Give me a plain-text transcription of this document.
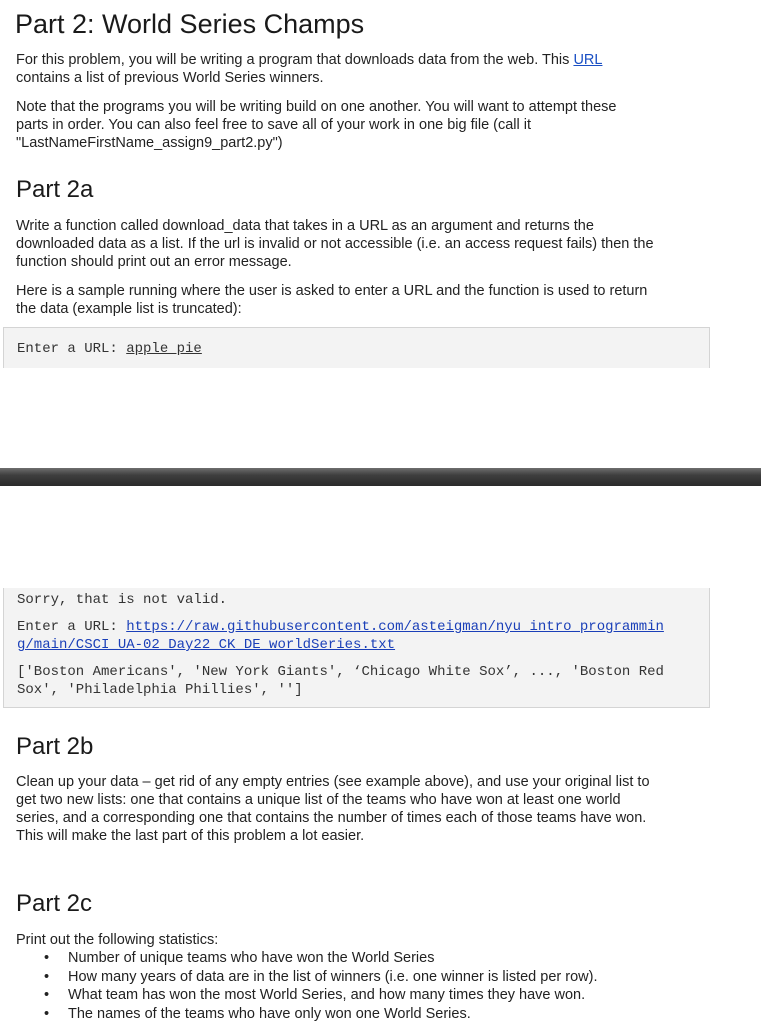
Part 2: World Series Champs
For this problem, you will be writing a program that downloads data from the web. This URL
contains a list of previous World Series winners.
Note that the programs you will be writing build on one another. You will want to attempt these
parts in order. You can also feel free to save all of your work in one big file (call it
"LastNameFirstName_assign9_part2.py")
Part 2a
Write a function called download_data that takes in a URL as an argument and returns the
downloaded data as a list. If the url is invalid or not accessible (i.e. an access request fails) then the
function should print out an error message.
Here is a sample running where the user is asked to enter a URL and the function is used to return
the data (example list is truncated):
Enter a URL: apple pie
Sorry, that is not valid.
Enter a URL: https://raw.githubusercontent.com/asteigman/nyu_intro_programmin
g/main/CSCI_UA-02_Day22_CK_DE_worldSeries.txt
['Boston Americans', 'New York Giants', ‘Chicago White Sox’, ..., 'Boston Red
Sox', 'Philadelphia Phillies', '']
Part 2b
Clean up your data – get rid of any empty entries (see example above), and use your original list to
get two new lists: one that contains a unique list of the teams who have won at least one world
series, and a corresponding one that contains the number of times each of those teams have won.
This will make the last part of this problem a lot easier.
Part 2c
Print out the following statistics:
• Number of unique teams who have won the World Series
• How many years of data are in the list of winners (i.e. one winner is listed per row).
• What team has won the most World Series, and how many times they have won.
• The names of the teams who have only won one World Series.
